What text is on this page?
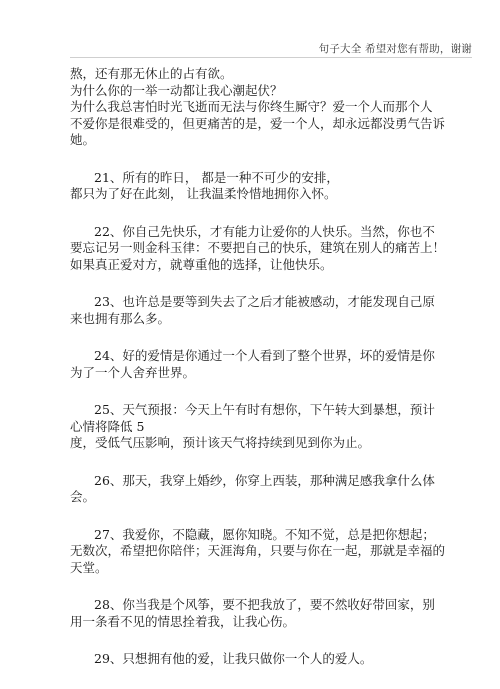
句子大全 希望对您有帮助，谢谢
熬，还有那无休止的占有欲。
为什么你的一举一动都让我心潮起伏？
为什么我总害怕时光飞逝而无法与你终生厮守？爱一个人而那个人
不爱你是很难受的，但更痛苦的是，爱一个人，却永远都没勇气告诉
她。
21、所有的昨日， 都是一种不可少的安排，
都只为了好在此刻， 让我温柔怜惜地拥你入怀。
22、你自己先快乐，才有能力让爱你的人快乐。当然，你也不
要忘记另一则金科玉律：不要把自己的快乐，建筑在别人的痛苦上！
如果真正爱对方，就尊重他的选择，让他快乐。
23、也许总是要等到失去了之后才能被感动，才能发现自己原
来也拥有那么多。
24、好的爱情是你通过一个人看到了整个世界，坏的爱情是你
为了一个人舍弃世界。
25、天气预报：今天上午有时有想你，下午转大到暴想，预计
心情将降低 5
度，受低气压影响，预计该天气将持续到见到你为止。
26、那天，我穿上婚纱，你穿上西装，那种满足感我拿什么体
会。
27、我爱你，不隐藏，愿你知晓。不知不觉，总是把你想起；
无数次，希望把你陪伴；天涯海角，只要与你在一起，那就是幸福的
天堂。
28、你当我是个风筝，要不把我放了，要不然收好带回家，别
用一条看不见的情思拴着我，让我心伤。
29、只想拥有他的爱，让我只做你一个人的爱人。
